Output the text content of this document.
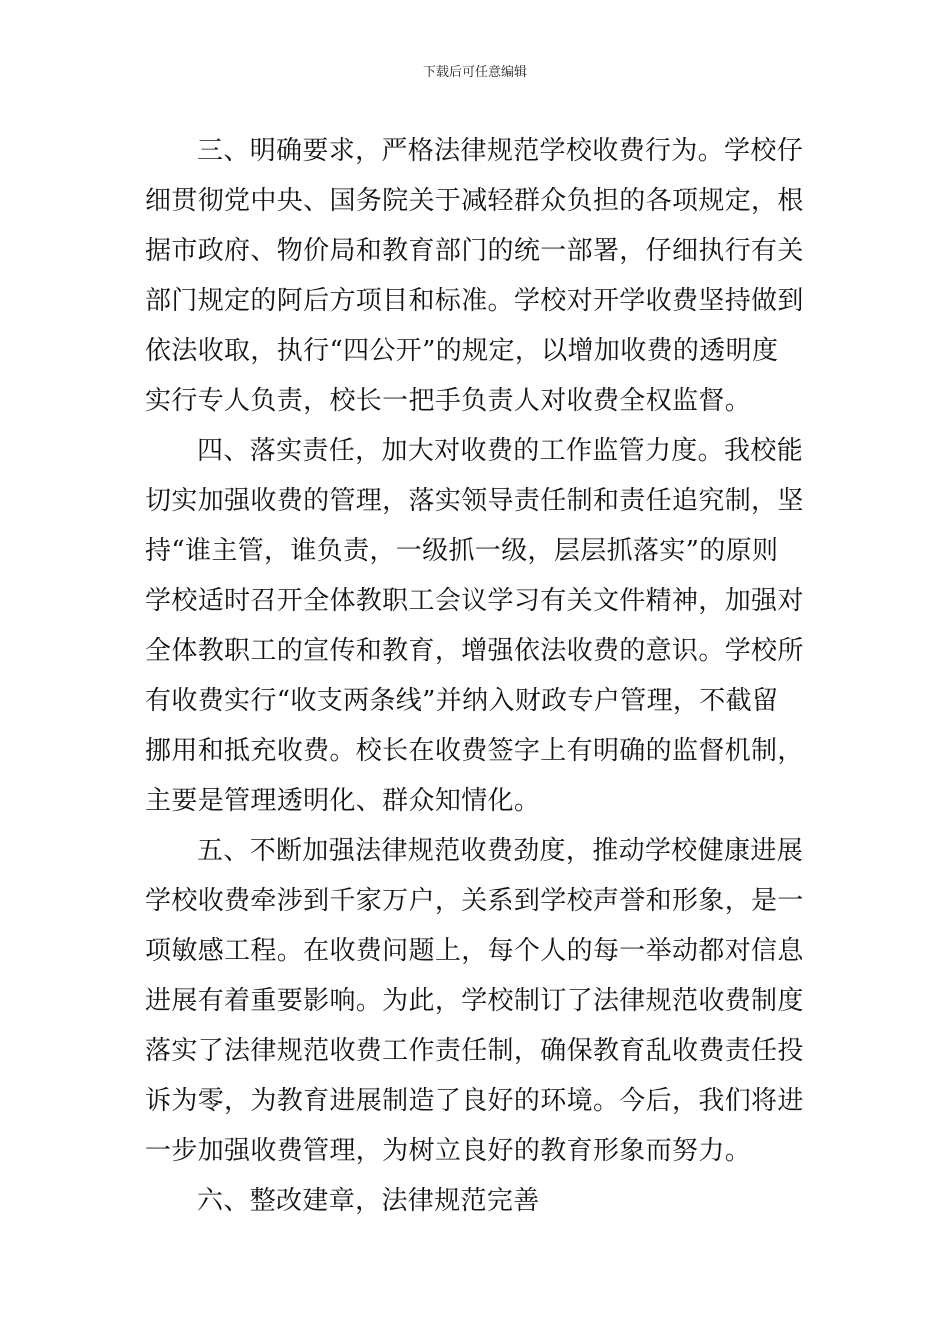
下载后可任意编辑
三、明确要求，严格法律规范学校收费行为。学校仔
细贯彻党中央、国务院关于减轻群众负担的各项规定，根
据市政府、物价局和教育部门的统一部署，仔细执行有关
部门规定的阿后方项目和标准。学校对开学收费坚持做到
依法收取，执行“四公开”的规定，以增加收费的透明度
实行专人负责，校长一把手负责人对收费全权监督。
四、落实责任，加大对收费的工作监管力度。我校能
切实加强收费的管理，落实领导责任制和责任追究制，坚
持“谁主管，谁负责，一级抓一级，层层抓落实”的原则
学校适时召开全体教职工会议学习有关文件精神，加强对
全体教职工的宣传和教育，增强依法收费的意识。学校所
有收费实行“收支两条线”并纳入财政专户管理，不截留
挪用和抵充收费。校长在收费签字上有明确的监督机制，
主要是管理透明化、群众知情化。
五、不断加强法律规范收费劲度，推动学校健康进展
学校收费牵涉到千家万户，关系到学校声誉和形象，是一
项敏感工程。在收费问题上，每个人的每一举动都对信息
进展有着重要影响。为此，学校制订了法律规范收费制度
落实了法律规范收费工作责任制，确保教育乱收费责任投
诉为零，为教育进展制造了良好的环境。今后，我们将进
一步加强收费管理，为树立良好的教育形象而努力。
六、整改建章，法律规范完善
